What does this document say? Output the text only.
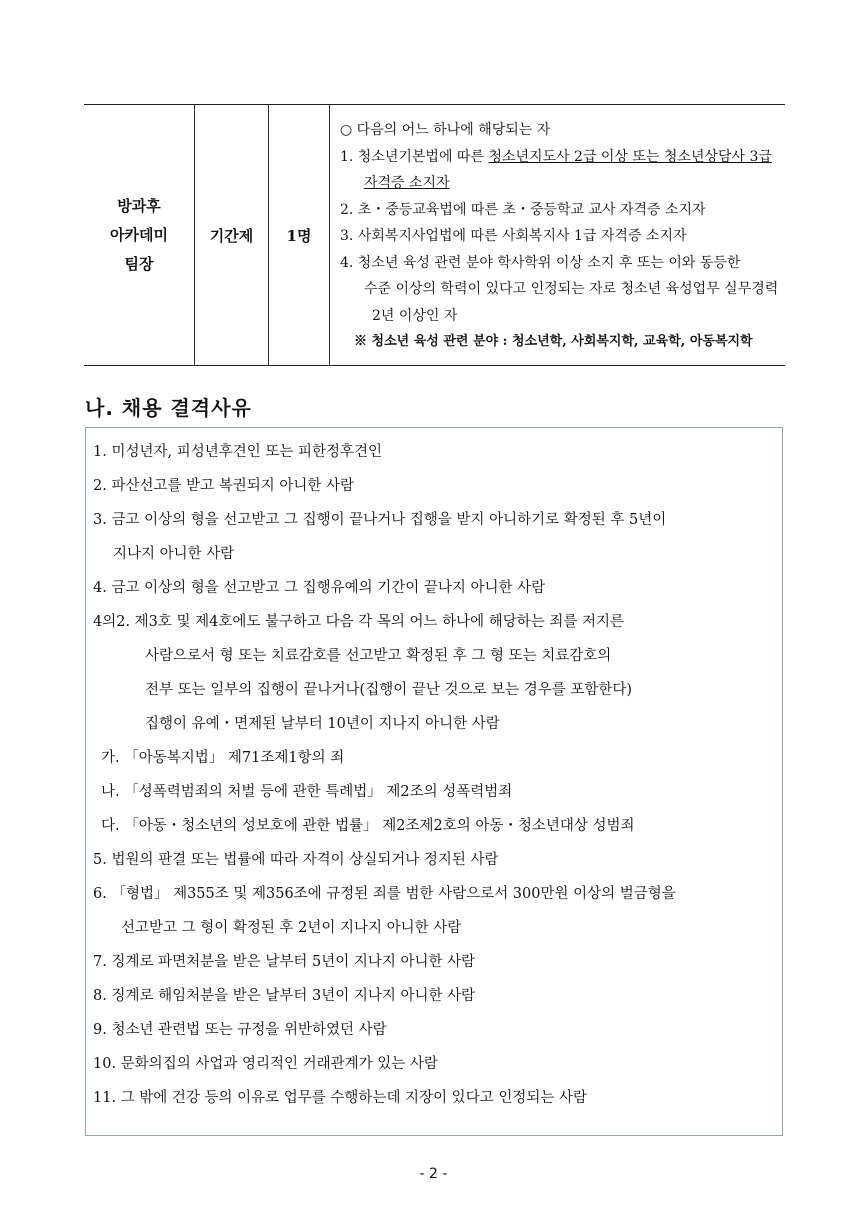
방과후
아카데미
팀장
기간제	1명
○ 다음의 어느 하나에 해당되는 자
1. 청소년기본법에 따른 청소년지도사 2급 이상 또는 청소년상담사 3급
자격증 소지자
2. 초・중등교육법에 따른 초・중등학교 교사 자격증 소지자
3. 사회복지사업법에 따른 사회복지사 1급 자격증 소지자
4. 청소년 육성 관련 분야 학사학위 이상 소지 후 또는 이와 동등한
수준 이상의 학력이 있다고 인정되는 자로 청소년 육성업무 실무경력
2년 이상인 자
※ 청소년 육성 관련 분야 : 청소년학, 사회복지학, 교육학, 아동복지학
나. 채용 결격사유
1. 미성년자, 피성년후견인 또는 피한정후견인
2. 파산선고를 받고 복권되지 아니한 사람
3. 금고 이상의 형을 선고받고 그 집행이 끝나거나 집행을 받지 아니하기로 확정된 후 5년이
지나지 아니한 사람
4. 금고 이상의 형을 선고받고 그 집행유예의 기간이 끝나지 아니한 사람
4의2. 제3호 및 제4호에도 불구하고 다음 각 목의 어느 하나에 해당하는 죄를 저지른
사람으로서 형 또는 치료감호를 선고받고 확정된 후 그 형 또는 치료감호의
전부 또는 일부의 집행이 끝나거나(집행이 끝난 것으로 보는 경우를 포함한다)
집행이 유예・면제된 날부터 10년이 지나지 아니한 사람
가. 「아동복지법」 제71조제1항의 죄
나. 「성폭력범죄의 처벌 등에 관한 특례법」 제2조의 성폭력범죄
다. 「아동・청소년의 성보호에 관한 법률」 제2조제2호의 아동・청소년대상 성범죄
5. 법원의 판결 또는 법률에 따라 자격이 상실되거나 정지된 사람
6. 「형법」 제355조 및 제356조에 규정된 죄를 범한 사람으로서 300만원 이상의 벌금형을
선고받고 그 형이 확정된 후 2년이 지나지 아니한 사람
7. 징계로 파면처분을 받은 날부터 5년이 지나지 아니한 사람
8. 징계로 해임처분을 받은 날부터 3년이 지나지 아니한 사람
9. 청소년 관련법 또는 규정을 위반하였던 사람
10. 문화의집의 사업과 영리적인 거래관계가 있는 사람
11. 그 밖에 건강 등의 이유로 업무를 수행하는데 지장이 있다고 인정되는 사람
- 2 -
